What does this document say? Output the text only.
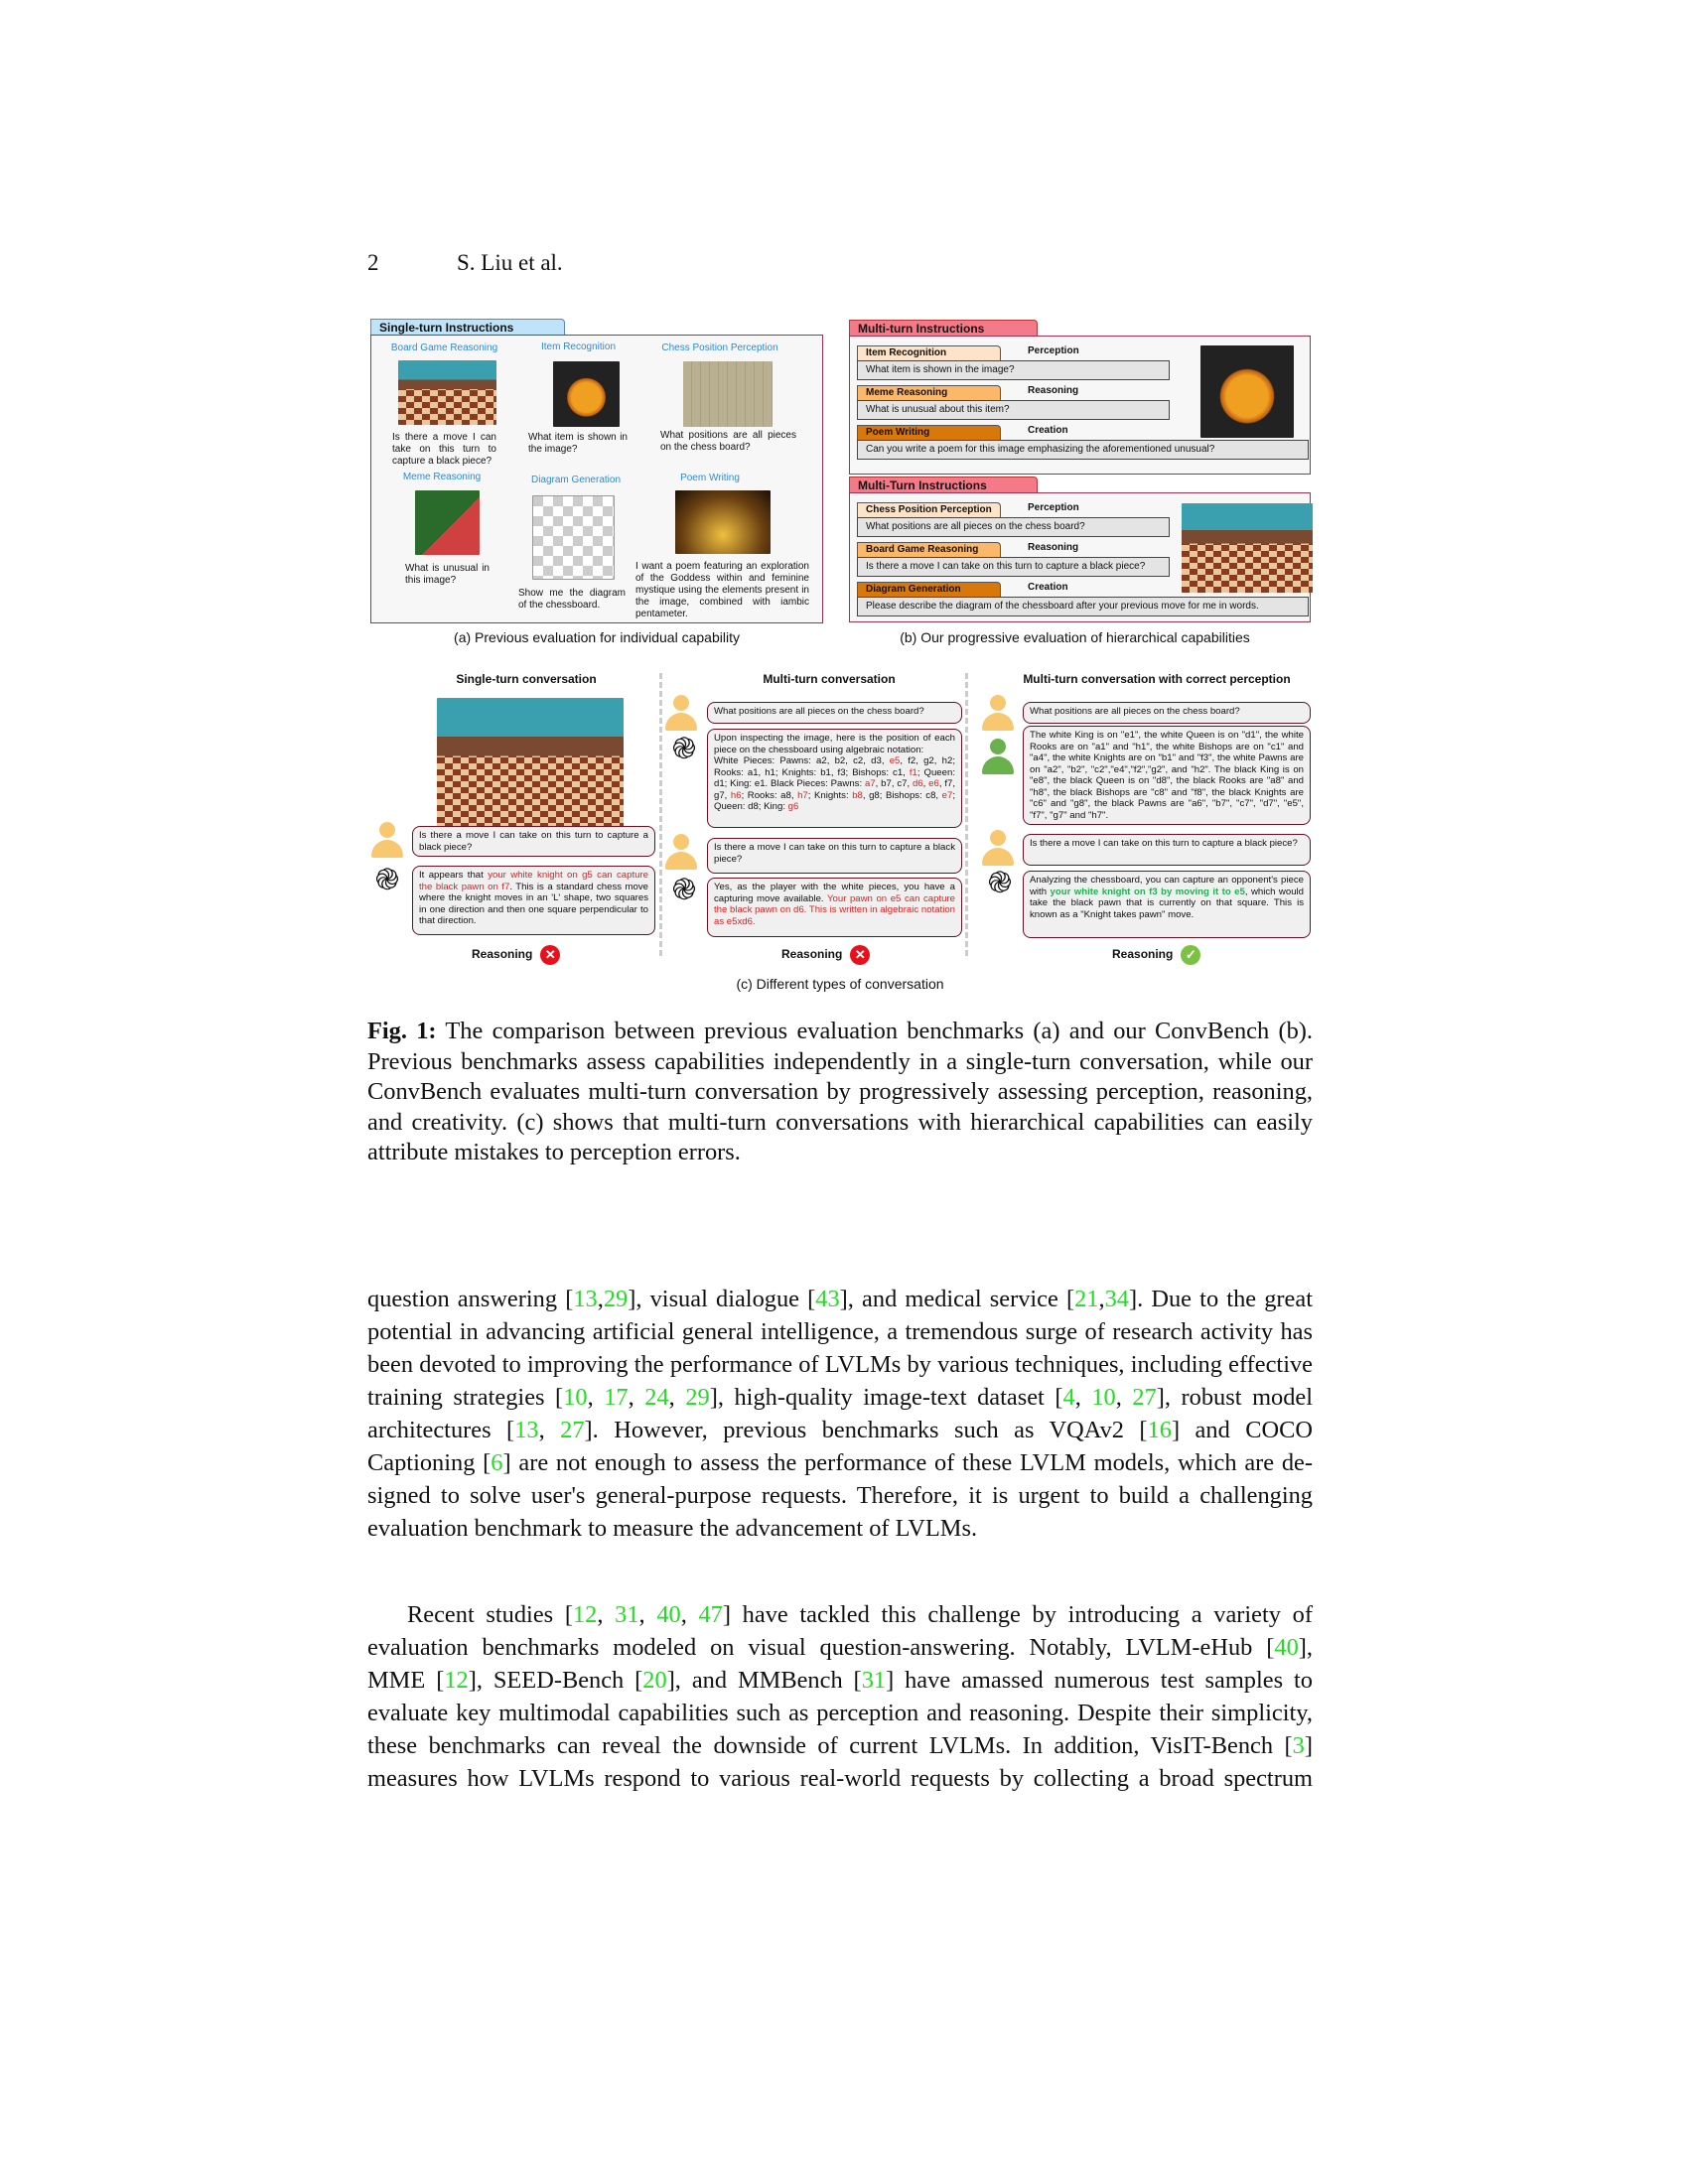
2	S. Liu et al.
Single-turn Instructions
Board Game Reasoning
Is there a move I can take on this turn to capture a black piece?
Item Recognition
What item is shown in the image?
Chess Position Perception
What positions are all pieces on the chess board?
Meme Reasoning
What is unusual in this image?
Diagram Generation
Show me the diagram of the chessboard.
Poem Writing
I want a poem featuring an exploration of the Goddess within and feminine mystique using the elements present in the image, combined with iambic pentameter.
(a) Previous evaluation for individual capability
Multi-turn Instructions
Item Recognition	Perception
What item is shown in the image?
Meme Reasoning	Reasoning
What is unusual about this item?
Poem Writing	Creation
Can you write a poem for this image emphasizing the aforementioned unusual?
Multi-Turn Instructions
Chess Position Perception	Perception
What positions are all pieces on the chess board?
Board Game Reasoning	Reasoning
Is there a move I can take on this turn to capture a black piece?
Diagram Generation	Creation
Please describe the diagram of the chessboard after your previous move for me in words.
(b) Our progressive evaluation of hierarchical capabilities
Single-turn conversation
Is there a move I can take on this turn to capture a black piece?
֎	It appears that your white knight on g5 can capture the black pawn on f7. This is a standard chess move where the knight moves in an 'L' shape, two squares in one direction and then one square perpendicular to that direction.
Reasoning ✕
Multi-turn conversation
What positions are all pieces on the chess board?
֎	Upon inspecting the image, here is the position of each piece on the chessboard using algebraic notation:
White Pieces: Pawns: a2, b2, c2, d3, e5, f2, g2, h2; Rooks: a1, h1; Knights: b1, f3; Bishops: c1, f1; Queen: d1; King: e1. Black Pieces: Pawns: a7, b7, c7, d6, e6, f7, g7, h6; Rooks: a8, h7; Knights: b8, g8; Bishops: c8, e7; Queen: d8; King: g6
Is there a move I can take on this turn to capture a black piece?
֎	Yes, as the player with the white pieces, you have a capturing move available. Your pawn on e5 can capture the black pawn on d6. This is written in algebraic notation as e5xd6.
Reasoning ✕
Multi-turn conversation with correct perception
What positions are all pieces on the chess board?
The white King is on "e1", the white Queen is on "d1", the white Rooks are on "a1" and "h1", the white Bishops are on "c1" and "a4", the white Knights are on "b1" and "f3", the white Pawns are on "a2", "b2", "c2","e4","f2","g2", and "h2". The black King is on "e8", the black Queen is on "d8", the black Rooks are "a8" and "h8", the black Bishops are "c8" and "f8", the black Knights are "c6" and "g8", the black Pawns are "a6", "b7", "c7", "d7", "e5", "f7", "g7" and "h7".
Is there a move I can take on this turn to capture a black piece?
֎	Analyzing the chessboard, you can capture an opponent's piece with your white knight on f3 by moving it to e5, which would take the black pawn that is currently on that square. This is known as a "Knight takes pawn" move.
Reasoning ✓
(c) Different types of conversation
Fig. 1: The comparison between previous evaluation benchmarks (a) and our ConvBench (b). Previous benchmarks assess capabilities independently in a single-turn conversation, while our ConvBench evaluates multi-turn conversation by progressively assessing perception, reasoning, and creativity. (c) shows that multi-turn conversations with hierarchical capabilities can easily attribute mistakes to perception errors.
question answering [13,29], visual dialogue [43], and medical service [21,34]. Due to the great potential in advancing artificial general intelligence, a tremendous surge of research activity has been devoted to improving the performance of LVLMs by various techniques, including effective training strategies [10, 17, 24, 29], high-quality image-text dataset [4, 10, 27], robust model architectures [13, 27]. However, previous benchmarks such as VQAv2 [16] and COCO Captioning [6] are not enough to assess the performance of these LVLM models, which are designed to solve user's general-purpose requests. Therefore, it is urgent to build a challenging evaluation benchmark to measure the advancement of LVLMs.
Recent studies [12, 31, 40, 47] have tackled this challenge by introducing a variety of evaluation benchmarks modeled on visual question-answering. Notably, LVLM-eHub [40], MME [12], SEED-Bench [20], and MMBench [31] have amassed numerous test samples to evaluate key multimodal capabilities such as perception and reasoning. Despite their simplicity, these benchmarks can reveal the downside of current LVLMs. In addition, VisIT-Bench [3] measures how LVLMs respond to various real-world requests by collecting a broad spectrum
